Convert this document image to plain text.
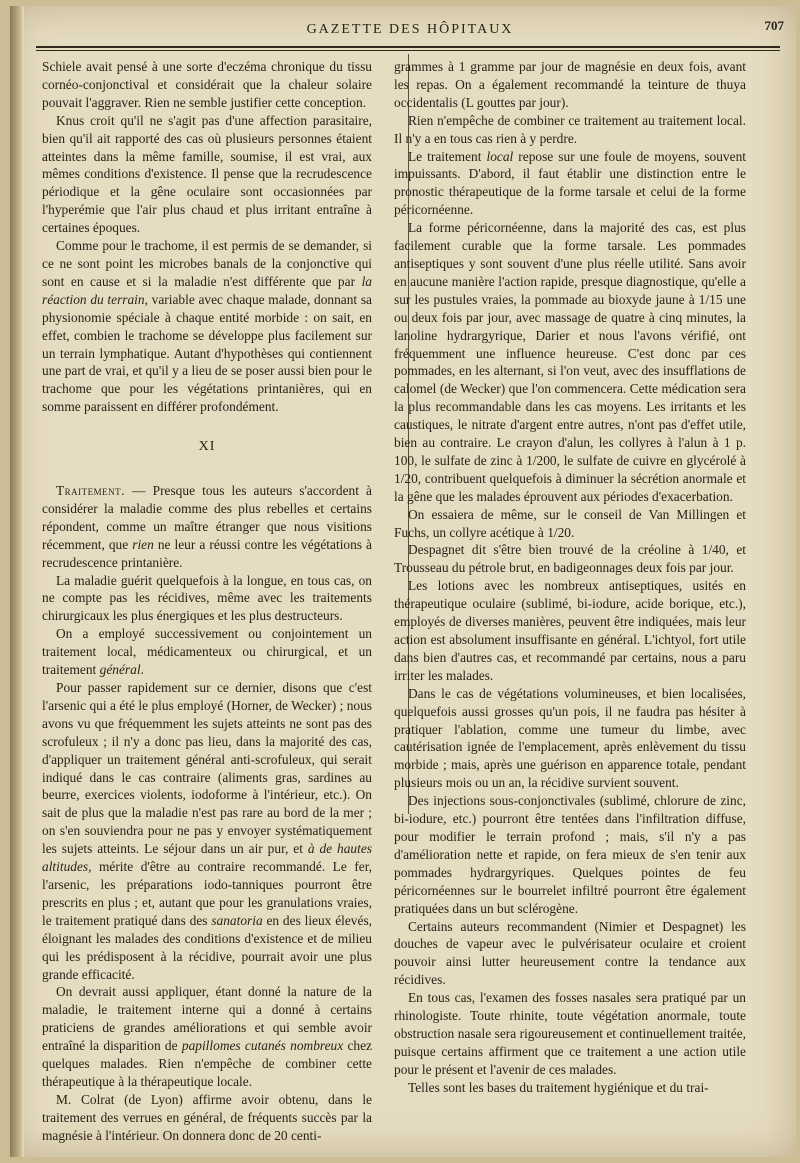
GAZETTE DES HÔPITAUX	707

Schiele avait pensé à une sorte d'eczéma chronique du tissu cornéo-conjonctival et considérait que la chaleur solaire pouvait l'aggraver. Rien ne semble justifier cette conception.

Knus croit qu'il ne s'agit pas d'une affection parasitaire, bien qu'il ait rapporté des cas où plusieurs personnes étaient atteintes dans la même famille, soumise, il est vrai, aux mêmes conditions d'existence. Il pense que la recrudescence périodique et la gêne oculaire sont occasionnées par l'hyperémie que l'air plus chaud et plus irritant entraîne à certaines époques.

Comme pour le trachome, il est permis de se demander, si ce ne sont point les microbes banals de la conjonctive qui sont en cause et si la maladie n'est différente que par la réaction du terrain, variable avec chaque malade, donnant sa physionomie spéciale à chaque entité morbide : on sait, en effet, combien le trachome se développe plus facilement sur un terrain lymphatique. Autant d'hypothèses qui contiennent une part de vrai, et qu'il y a lieu de se poser aussi bien pour le trachome que pour les végétations printanières, qui en somme paraissent en différer profondément.

XI

Traitement. — Presque tous les auteurs s'accordent à considérer la maladie comme des plus rebelles et certains répondent, comme un maître étranger que nous visitions récemment, que rien ne leur a réussi contre les végétations à recrudescence printanière.

La maladie guérit quelquefois à la longue, en tous cas, on ne compte pas les récidives, même avec les traitements chirurgicaux les plus énergiques et les plus destructeurs.

On a employé successivement ou conjointement un traitement local, médicamenteux ou chirurgical, et un traitement général.

Pour passer rapidement sur ce dernier, disons que c'est l'arsenic qui a été le plus employé (Horner, de Wecker) ; nous avons vu que fréquemment les sujets atteints ne sont pas des scrofuleux ; il n'y a donc pas lieu, dans la majorité des cas, d'appliquer un traitement général anti-scrofuleux, qui serait indiqué dans le cas contraire (aliments gras, sardines au beurre, exercices violents, iodoforme à l'intérieur, etc.). On sait de plus que la maladie n'est pas rare au bord de la mer ; on s'en souviendra pour ne pas y envoyer systématiquement les sujets atteints. Le séjour dans un air pur, et à de hautes altitudes, mérite d'être au contraire recommandé. Le fer, l'arsenic, les préparations iodo-tanniques pourront être prescrits en plus ; et, autant que pour les granulations vraies, le traitement pratiqué dans des sanatoria en des lieux élevés, éloignant les malades des conditions d'existence et de milieu qui les prédisposent à la récidive, pourrait avoir une plus grande efficacité.

On devrait aussi appliquer, étant donné la nature de la maladie, le traitement interne qui a donné à certains praticiens de grandes améliorations et qui semble avoir entraîné la disparition de papillomes cutanés nombreux chez quelques malades. Rien n'empêche de combiner cette thérapeutique à la thérapeutique locale.

M. Colrat (de Lyon) affirme avoir obtenu, dans le traitement des verrues en général, de fréquents succès par la magnésie à l'intérieur. On donnera donc de 20 centi-

grammes à 1 gramme par jour de magnésie en deux fois, avant les repas. On a également recommandé la teinture de thuya occidentalis (L gouttes par jour).

Rien n'empêche de combiner ce traitement au traitement local. Il n'y a en tous cas rien à y perdre.

Le traitement local repose sur une foule de moyens, souvent impuissants. D'abord, il faut établir une distinction entre le pronostic thérapeutique de la forme tarsale et celui de la forme péricornéenne.

La forme péricornéenne, dans la majorité des cas, est plus facilement curable que la forme tarsale. Les pommades antiseptiques y sont souvent d'une plus réelle utilité. Sans avoir en aucune manière l'action rapide, presque diagnostique, qu'elle a sur les pustules vraies, la pommade au bioxyde jaune à 1/15 une ou deux fois par jour, avec massage de quatre à cinq minutes, la lanoline hydrargyrique, Darier et nous l'avons vérifié, ont fréquemment une influence heureuse. C'est donc par ces pommades, en les alternant, si l'on veut, avec des insufflations de calomel (de Wecker) que l'on commencera. Cette médication sera la plus recommandable dans les cas moyens. Les irritants et les caustiques, le nitrate d'argent entre autres, n'ont pas d'effet utile, bien au contraire. Le crayon d'alun, les collyres à l'alun à 1 p. 100, le sulfate de zinc à 1/200, le sulfate de cuivre en glycérolé à 1/20, contribuent quelquefois à diminuer la sécrétion anormale et la gêne que les malades éprouvent aux périodes d'exacerbation.

On essaiera de même, sur le conseil de Van Millingen et Fuchs, un collyre acétique à 1/20.

Despagnet dit s'être bien trouvé de la créoline à 1/40, et Trousseau du pétrole brut, en badigeonnages deux fois par jour.

Les lotions avec les nombreux antiseptiques, usités en thérapeutique oculaire (sublimé, bi-iodure, acide borique, etc.), employés de diverses manières, peuvent être indiquées, mais leur action est absolument insuffisante en général. L'ichtyol, fort utile dans bien d'autres cas, et recommandé par certains, nous a paru irriter les malades.

Dans le cas de végétations volumineuses, et bien localisées, quelquefois aussi grosses qu'un pois, il ne faudra pas hésiter à pratiquer l'ablation, comme une tumeur du limbe, avec cautérisation ignée de l'emplacement, après enlèvement du tissu morbide ; mais, après une guérison en apparence totale, pendant plusieurs mois ou un an, la récidive survient souvent.

Des injections sous-conjonctivales (sublimé, chlorure de zinc, bi-iodure, etc.) pourront être tentées dans l'infiltration diffuse, pour modifier le terrain profond ; mais, s'il n'y a pas d'amélioration nette et rapide, on fera mieux de s'en tenir aux pommades hydrargyriques. Quelques pointes de feu péricornéennes sur le bourrelet infiltré pourront être également pratiquées dans un but sclérogène.

Certains auteurs recommandent (Nimier et Despagnet) les douches de vapeur avec le pulvérisateur oculaire et croient pouvoir ainsi lutter heureusement contre la tendance aux récidives.

En tous cas, l'examen des fosses nasales sera pratiqué par un rhinologiste. Toute rhinite, toute végétation anormale, toute obstruction nasale sera rigoureusement et continuellement traitée, puisque certains affirment que ce traitement a une action utile pour le présent et l'avenir de ces malades.

Telles sont les bases du traitement hygiénique et du trai-
